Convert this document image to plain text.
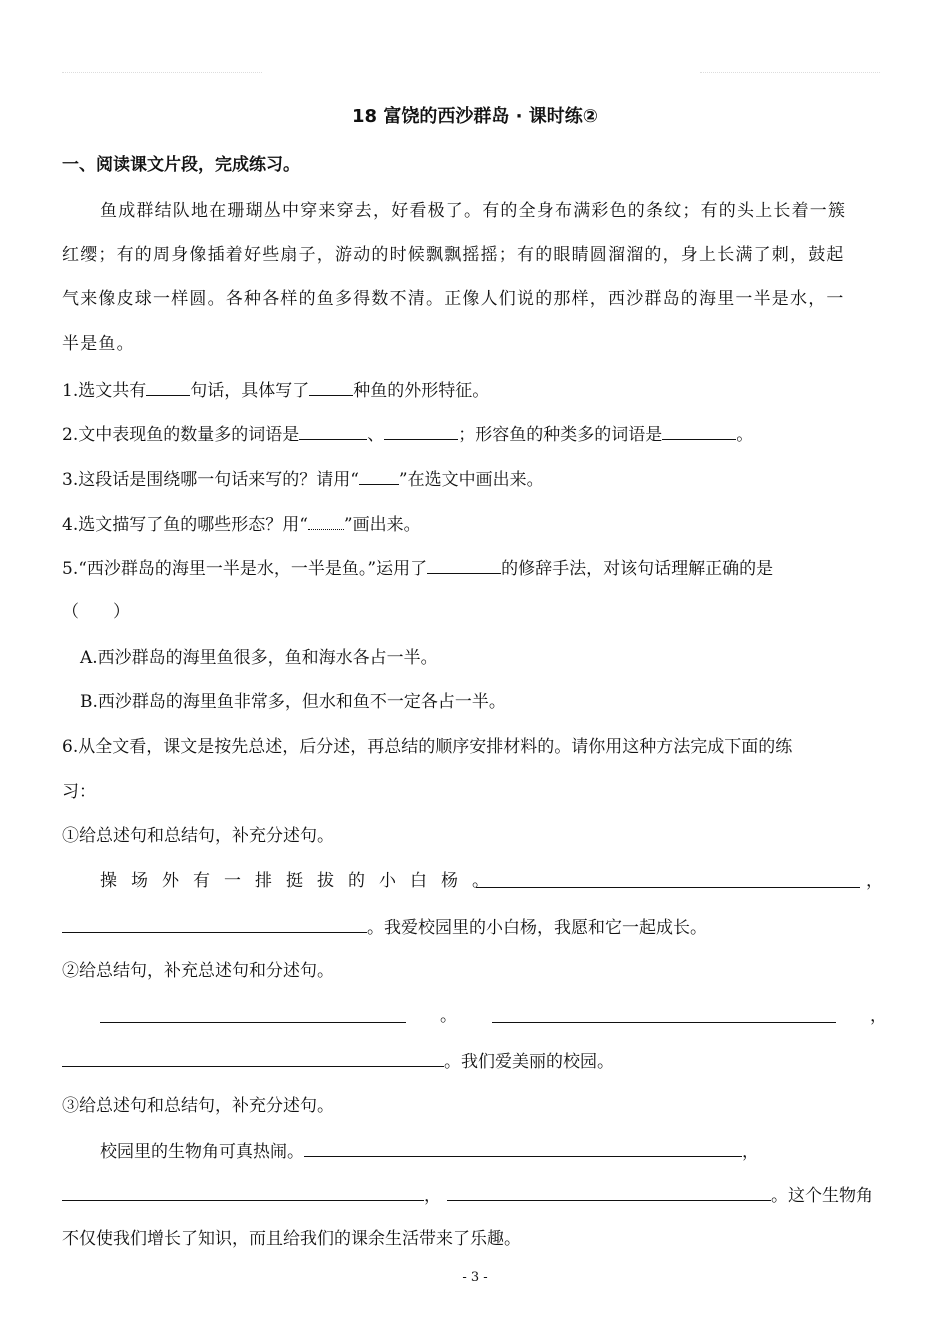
18 富饶的西沙群岛 · 课时练②
一、阅读课文片段，完成练习。
鱼成群结队地在珊瑚丛中穿来穿去，好看极了。有的全身布满彩色的条纹；有的头上长着一簇
红缨；有的周身像插着好些扇子，游动的时候飘飘摇摇；有的眼睛圆溜溜的，身上长满了刺，鼓起
气来像皮球一样圆。各种各样的鱼多得数不清。正像人们说的那样，西沙群岛的海里一半是水，一
半是鱼。
1.选文共有	句话，具体写了	种鱼的外形特征。
2.文中表现鱼的数量多的词语是	、	；形容鱼的种类多的词语是	。
3.这段话是围绕哪一句话来写的？请用“ ”在选文中画出来。
4.选文描写了鱼的哪些形态？用“ ”画出来。
5.“西沙群岛的海里一半是水，一半是鱼。”运用了	的修辞手法，对该句话理解正确的是
（　　）
A.西沙群岛的海里鱼很多，鱼和海水各占一半。
B.西沙群岛的海里鱼非常多，但水和鱼不一定各占一半。
6.从全文看，课文是按先总述，后分述，再总结的顺序安排材料的。请你用这种方法完成下面的练
习：
①给总述句和总结句，补充分述句。
操场外有一排挺拔的小白杨。	，
。我爱校园里的小白杨，我愿和它一起成长。
②给总结句，补充总述句和分述句。
。	，
。我们爱美丽的校园。
③给总述句和总结句，补充分述句。
校园里的生物角可真热闹。	，
，	。这个生物角
不仅使我们增长了知识，而且给我们的课余生活带来了乐趣。
- 3 -
